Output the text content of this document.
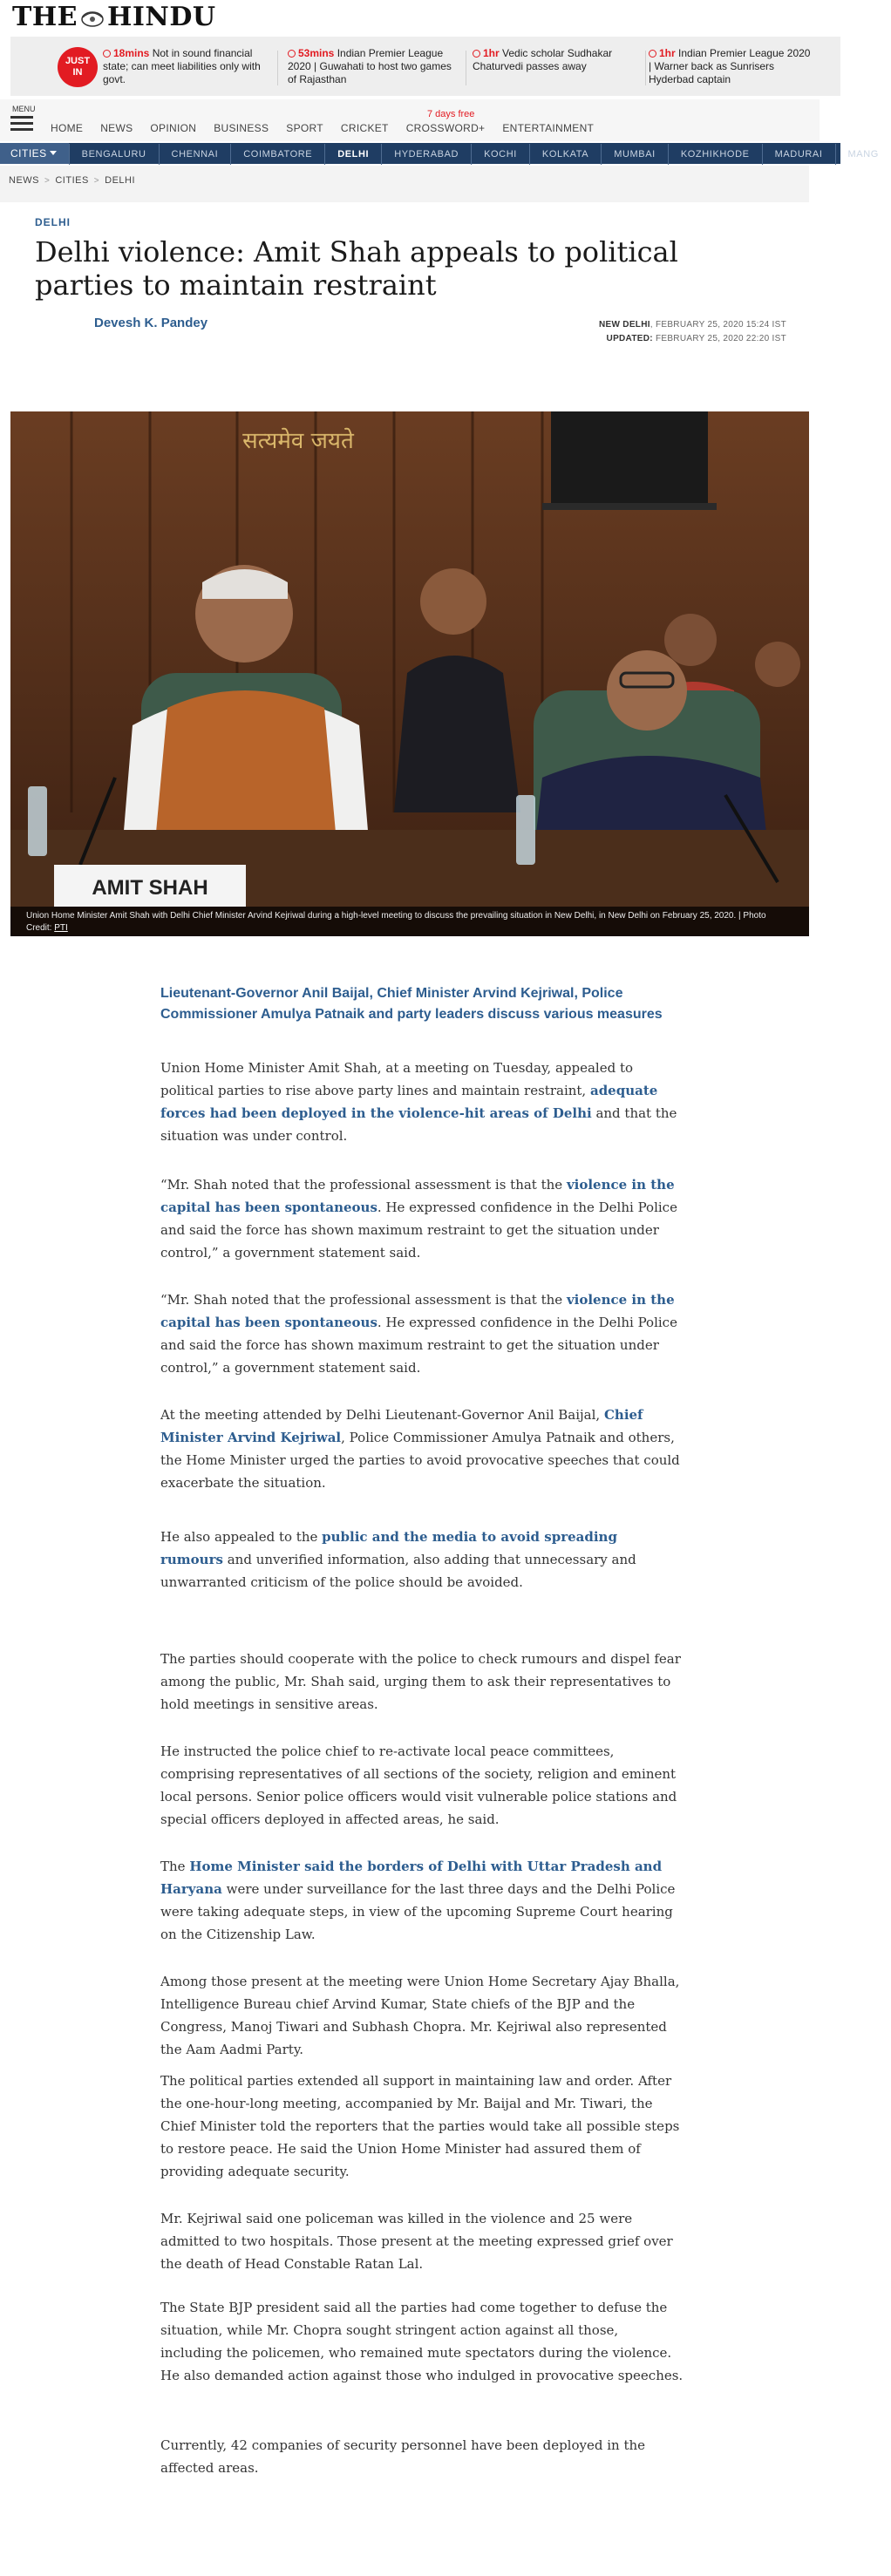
THE HINDU
JUST
IN
18mins Not in sound financial state; can meet liabilities only with govt.
53mins Indian Premier League 2020 | Guwahati to host two games of Rajasthan
1hr Vedic scholar Sudhakar Chaturvedi passes away
1hr Indian Premier League 2020 | Warner back as Sunrisers Hyderbad captain
MENU	7 days free
HOME NEWS OPINION BUSINESS SPORT CRICKET CROSSWORD+ ENTERTAINMENT
CITIES	BENGALURU	CHENNAI	COIMBATORE	DELHI	HYDERABAD	KOCHI	KOLKATA	MUMBAI	KOZHIKHODE	MADURAI	MANG
NEWS > CITIES > DELHI
DELHI
Delhi violence: Amit Shah appeals to political parties to maintain restraint
Devesh K. Pandey	NEW DELHI, FEBRUARY 25, 2020 15:24 IST
UPDATED: FEBRUARY 25, 2020 22:20 IST
सत्यमेव जयते
AMIT SHAH
Union Home Minister Amit Shah with Delhi Chief Minister Arvind Kejriwal during a high-level meeting to discuss the prevailing situation in New Delhi, in New Delhi on February 25, 2020. | Photo Credit: PTI

Lieutenant-Governor Anil Baijal, Chief Minister Arvind Kejriwal, Police Commissioner Amulya Patnaik and party leaders discuss various measures

Union Home Minister Amit Shah, at a meeting on Tuesday, appealed to political parties to rise above party lines and maintain restraint, adequate forces had been deployed in the violence-hit areas of Delhi and that the situation was under control.

“Mr. Shah noted that the professional assessment is that the violence in the capital has been spontaneous. He expressed confidence in the Delhi Police and said the force has shown maximum restraint to get the situation under control,” a government statement said.

“Mr. Shah noted that the professional assessment is that the violence in the capital has been spontaneous. He expressed confidence in the Delhi Police and said the force has shown maximum restraint to get the situation under control,” a government statement said.

At the meeting attended by Delhi Lieutenant-Governor Anil Baijal, Chief Minister Arvind Kejriwal, Police Commissioner Amulya Patnaik and others, the Home Minister urged the parties to avoid provocative speeches that could exacerbate the situation.

He also appealed to the public and the media to avoid spreading rumours and unverified information, also adding that unnecessary and unwarranted criticism of the police should be avoided.

The parties should cooperate with the police to check rumours and dispel fear among the public, Mr. Shah said, urging them to ask their representatives to hold meetings in sensitive areas.

He instructed the police chief to re-activate local peace committees, comprising representatives of all sections of the society, religion and eminent local persons. Senior police officers would visit vulnerable police stations and special officers deployed in affected areas, he said.

The Home Minister said the borders of Delhi with Uttar Pradesh and Haryana were under surveillance for the last three days and the Delhi Police were taking adequate steps, in view of the upcoming Supreme Court hearing on the Citizenship Law.

Among those present at the meeting were Union Home Secretary Ajay Bhalla, Intelligence Bureau chief Arvind Kumar, State chiefs of the BJP and the Congress, Manoj Tiwari and Subhash Chopra. Mr. Kejriwal also represented the Aam Aadmi Party.

The political parties extended all support in maintaining law and order. After the one-hour-long meeting, accompanied by Mr. Baijal and Mr. Tiwari, the Chief Minister told the reporters that the parties would take all possible steps to restore peace. He said the Union Home Minister had assured them of providing adequate security.

Mr. Kejriwal said one policeman was killed in the violence and 25 were admitted to two hospitals. Those present at the meeting expressed grief over the death of Head Constable Ratan Lal.

The State BJP president said all the parties had come together to defuse the situation, while Mr. Chopra sought stringent action against all those, including the policemen, who remained mute spectators during the violence. He also demanded action against those who indulged in provocative speeches.

Currently, 42 companies of security personnel have been deployed in the affected areas.
